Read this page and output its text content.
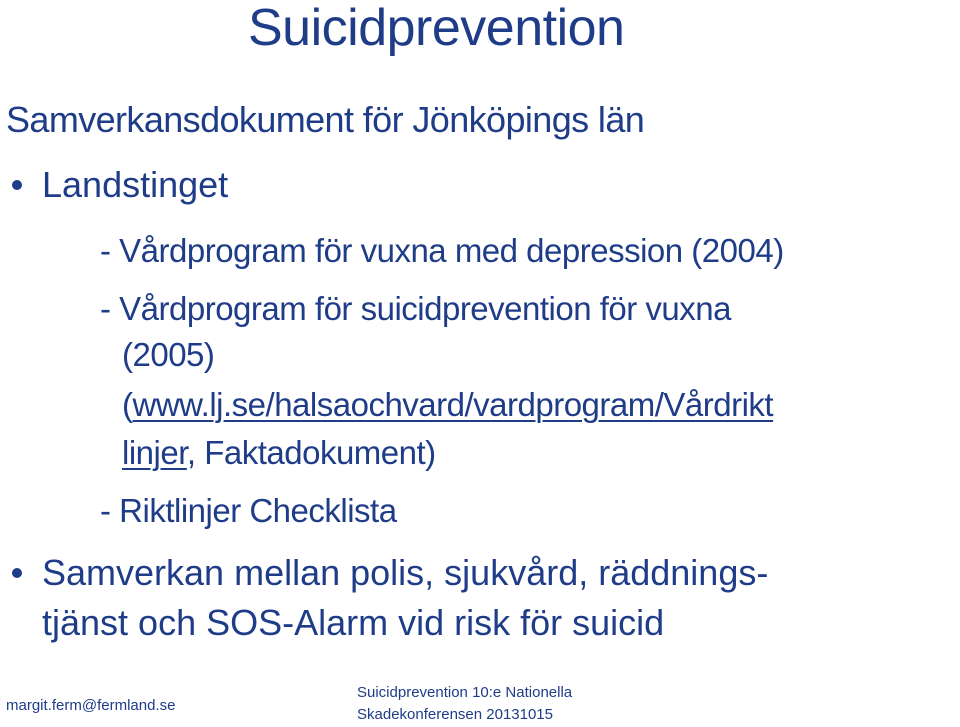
Suicidprevention
Samverkansdokument för Jönköpings län
Landstinget
- Vårdprogram för vuxna med depression (2004)
- Vårdprogram för suicidprevention för vuxna
(2005)
(www.lj.se/halsaochvard/vardprogram/Vårdrikt
linjer, Faktadokument)
- Riktlinjer Checklista
Samverkan mellan polis, sjukvård, räddnings-
tjänst och SOS-Alarm vid risk för suicid
margit.ferm@fermland.se
Suicidprevention 10:e Nationella
Skadekonferensen 20131015
